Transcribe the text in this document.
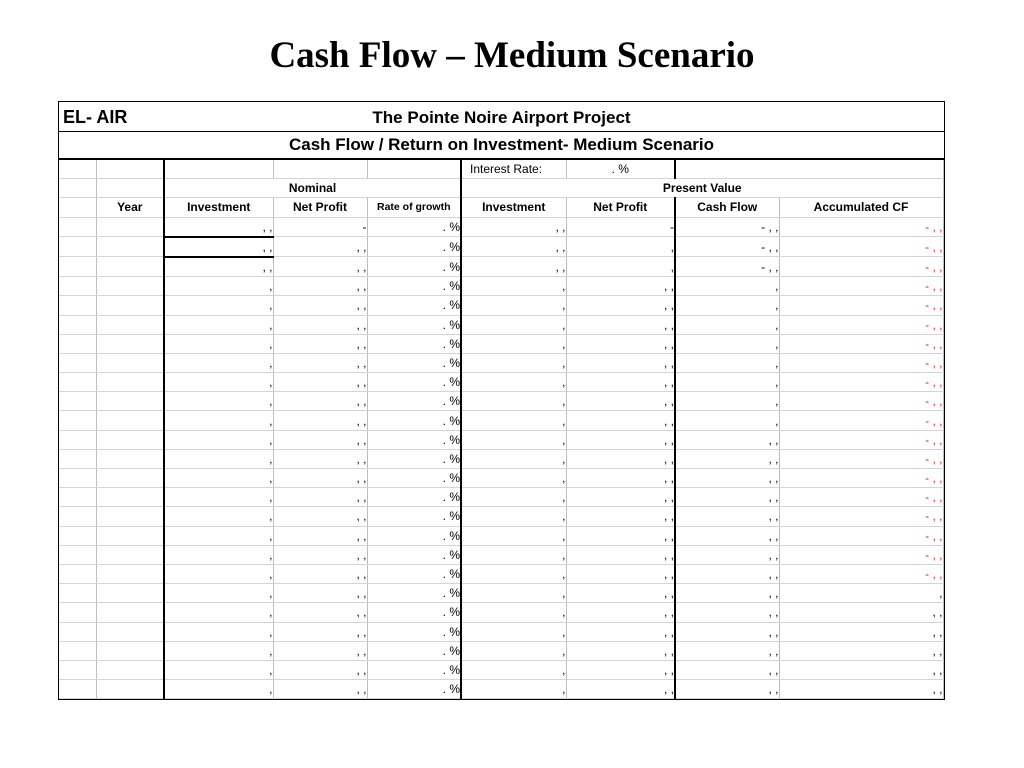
Cash Flow – Medium Scenario
EL- AIR	The Pointe Noire Airport Project
Cash Flow / Return on Investment- Medium Scenario
					Interest Rate:	. %		
		Nominal			Present Value			
	Year	Investment	Net Profit	Rate of growth	Investment	Net Profit	Cash Flow	Accumulated CF
		, ,	-	. %	, ,	-	- , ,	- , ,
		, ,	, ,	. %	, ,	,	- , ,	- , ,
		, ,	, ,	. %	, ,	,	- , ,	- , ,
		,	, ,	. %	,	, ,	,	- , ,
		,	, ,	. %	,	, ,	,	- , ,
		,	, ,	. %	,	, ,	,	- , ,
		,	, ,	. %	,	, ,	,	- , ,
		,	, ,	. %	,	, ,	,	- , ,
		,	, ,	. %	,	, ,	,	- , ,
		,	, ,	. %	,	, ,	,	- , ,
		,	, ,	. %	,	, ,	,	- , ,
		,	, ,	. %	,	, ,	, ,	- , ,
		,	, ,	. %	,	, ,	, ,	- , ,
		,	, ,	. %	,	, ,	, ,	- , ,
		,	, ,	. %	,	, ,	, ,	- , ,
		,	, ,	. %	,	, ,	, ,	- , ,
		,	, ,	. %	,	, ,	, ,	- , ,
		,	, ,	. %	,	, ,	, ,	- , ,
		,	, ,	. %	,	, ,	, ,	- , ,
		,	, ,	. %	,	, ,	, ,	,
		,	, ,	. %	,	, ,	, ,	, ,
		,	, ,	. %	,	, ,	, ,	, ,
		,	, ,	. %	,	, ,	, ,	, ,
		,	, ,	. %	,	, ,	, ,	, ,
		,	, ,	. %	,	, ,	, ,	, ,
